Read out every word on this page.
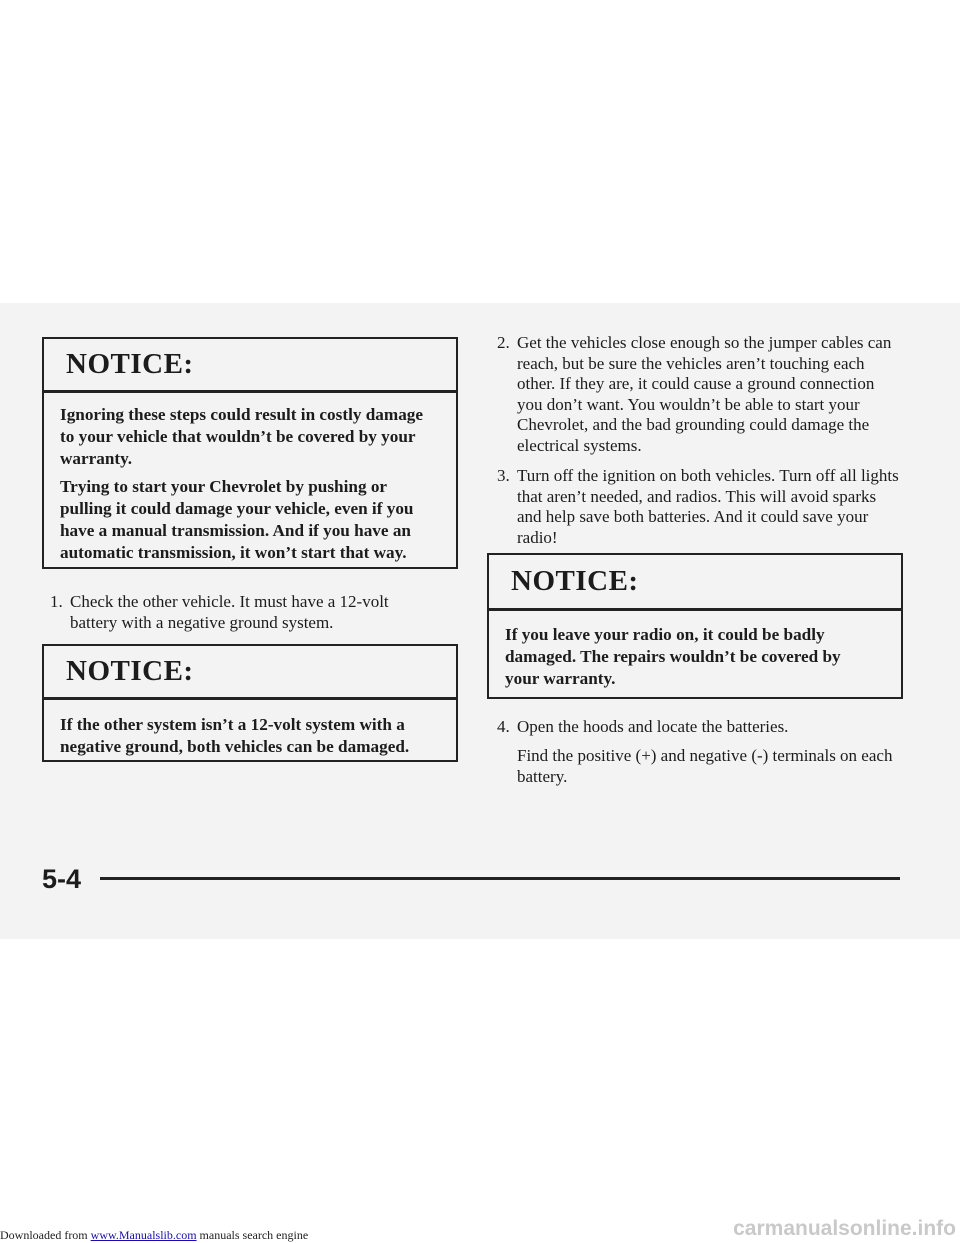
NOTICE:

Ignoring these steps could result in costly damage to your vehicle that wouldn’t be covered by your warranty.

Trying to start your Chevrolet by pushing or pulling it could damage your vehicle, even if you have a manual transmission. And if you have an automatic transmission, it won’t start that way.

1. Check the other vehicle. It must have a 12-volt battery with a negative ground system.
NOTICE:

If the other system isn’t a 12-volt system with a negative ground, both vehicles can be damaged.

2. Get the vehicles close enough so the jumper cables can reach, but be sure the vehicles aren’t touching each other. If they are, it could cause a ground connection you don’t want. You wouldn’t be able to start your Chevrolet, and the bad grounding could damage the electrical systems.
3. Turn off the ignition on both vehicles. Turn off all lights that aren’t needed, and radios. This will avoid sparks and help save both batteries. And it could save your radio!
NOTICE:

If you leave your radio on, it could be badly damaged. The repairs wouldn’t be covered by your warranty.

4. Open the hoods and locate the batteries.
Find the positive (+) and negative (-) terminals on each battery.
5-4
Downloaded from www.Manualslib.com manuals search engine	carmanualsonline.info
